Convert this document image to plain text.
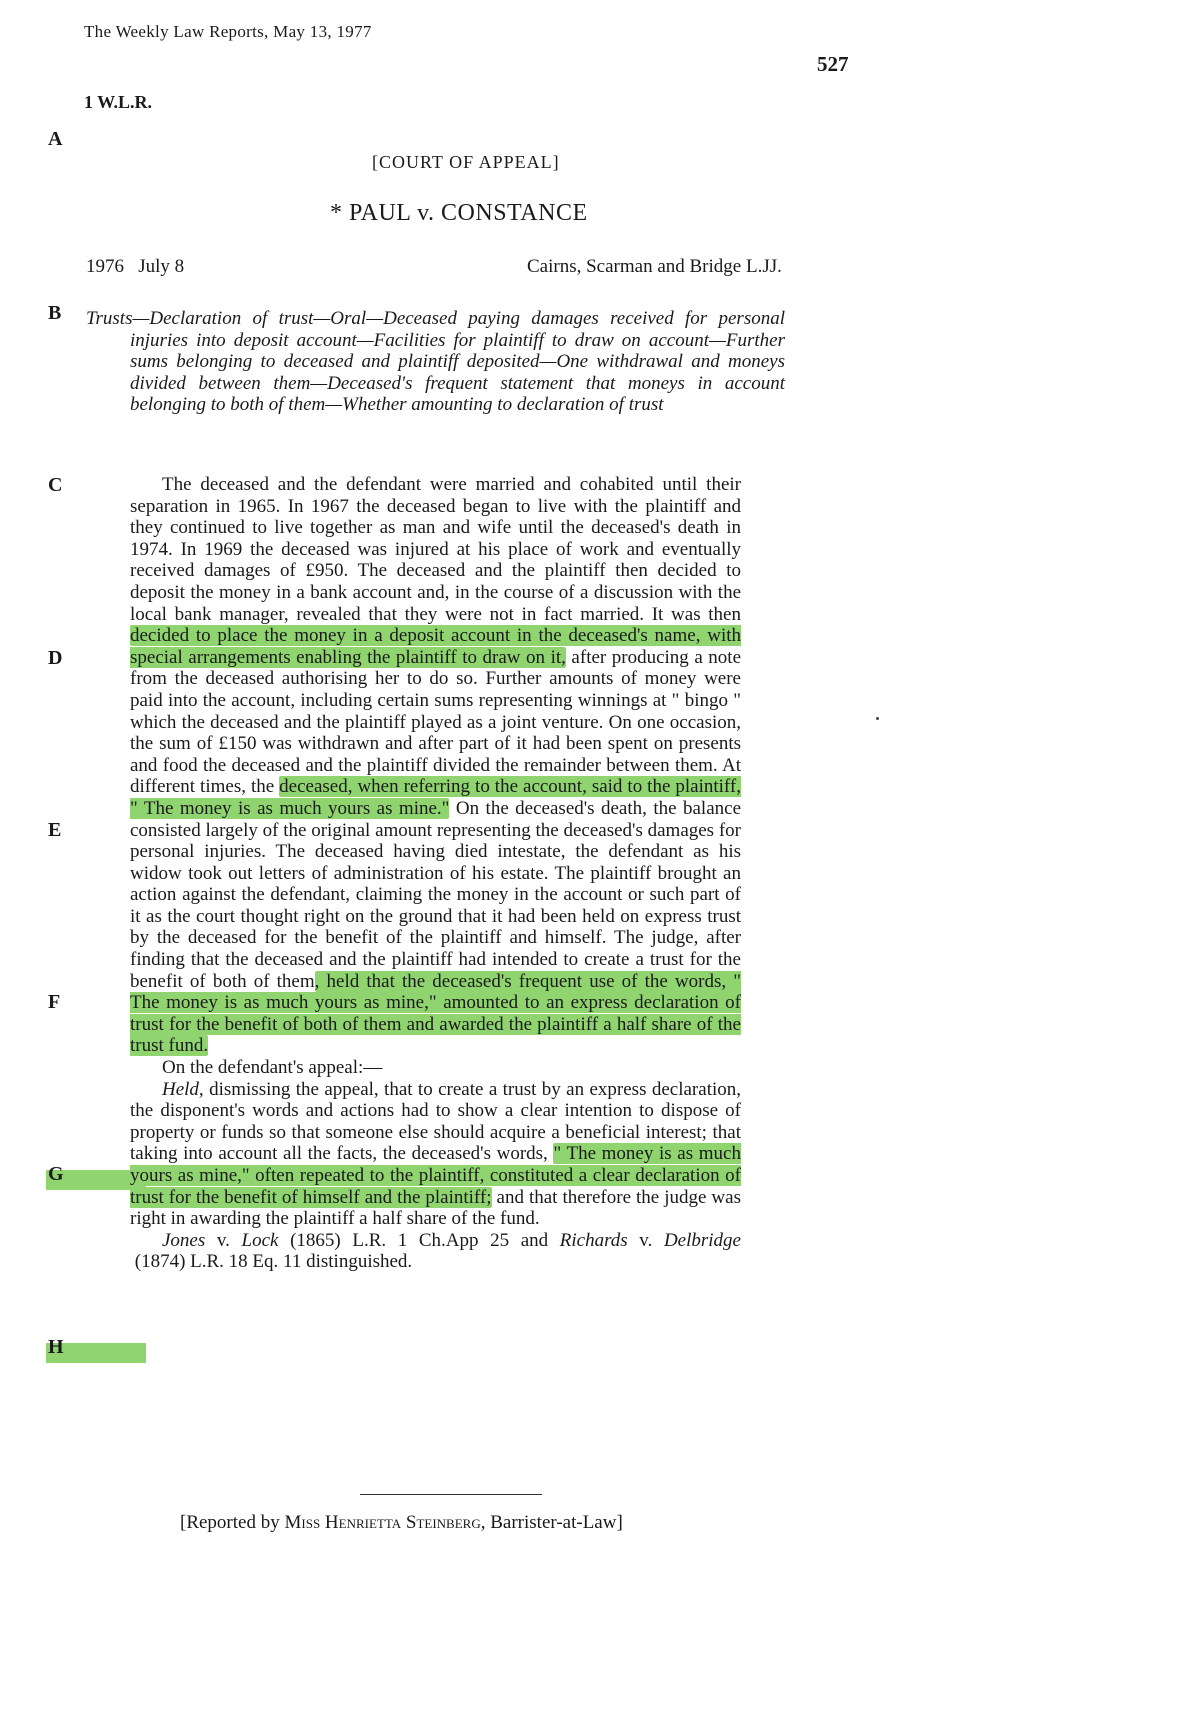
The Weekly Law Reports, May 13, 1977
527
1 W.L.R.
A
B
C
D
E
F
G
H
[COURT OF APPEAL]
* PAUL v. CONSTANCE
1976   July 8	Cairns, Scarman and Bridge L.JJ.
Trusts—Declaration of trust—Oral—Deceased paying damages received for personal injuries into deposit account—Facilities for plaintiff to draw on account—Further sums belonging to deceased and plaintiff deposited—One withdrawal and moneys divided between them—Deceased's frequent statement that moneys in account belonging to both of them—Whether amounting to declaration of trust

The deceased and the defendant were married and cohabited until their separation in 1965. In 1967 the deceased began to live with the plaintiff and they continued to live together as man and wife until the deceased's death in 1974. In 1969 the deceased was injured at his place of work and eventually received damages of £950. The deceased and the plaintiff then decided to deposit the money in a bank account and, in the course of a discussion with the local bank manager, revealed that they were not in fact married. It was then decided to place the money in a deposit account in the deceased's name, with special arrangements enabling the plaintiff to draw on it, after producing a note from the deceased authorising her to do so. Further amounts of money were paid into the account, including certain sums representing winnings at " bingo " which the deceased and the plaintiff played as a joint venture. On one occasion, the sum of £150 was withdrawn and after part of it had been spent on presents and food the deceased and the plaintiff divided the remainder between them. At different times, the deceased, when referring to the account, said to the plaintiff, " The money is as much yours as mine." On the deceased's death, the balance consisted largely of the original amount representing the deceased's damages for personal injuries. The deceased having died intestate, the defendant as his widow took out letters of administration of his estate. The plaintiff brought an action against the defendant, claiming the money in the account or such part of it as the court thought right on the ground that it had been held on express trust by the deceased for the benefit of the plaintiff and himself. The judge, after finding that the deceased and the plaintiff had intended to create a trust for the benefit of both of them, held that the deceased's frequent use of the words, " The money is as much yours as mine," amounted to an express declaration of trust for the benefit of both of them and awarded the plaintiff a half share of the trust fund.

On the defendant's appeal:—

Held, dismissing the appeal, that to create a trust by an express declaration, the disponent's words and actions had to show a clear intention to dispose of property or funds so that someone else should acquire a beneficial interest; that taking into account all the facts, the deceased's words, " The money is as much yours as mine," often repeated to the plaintiff, constituted a clear declaration of trust for the benefit of himself and the plaintiff; and that therefore the judge was right in awarding the plaintiff a half share of the fund.

Jones v. Lock (1865) L.R. 1 Ch.App 25 and Richards v. Delbridge (1874) L.R. 18 Eq. 11 distinguished.

[Reported by Miss Henrietta Steinberg, Barrister-at-Law]
